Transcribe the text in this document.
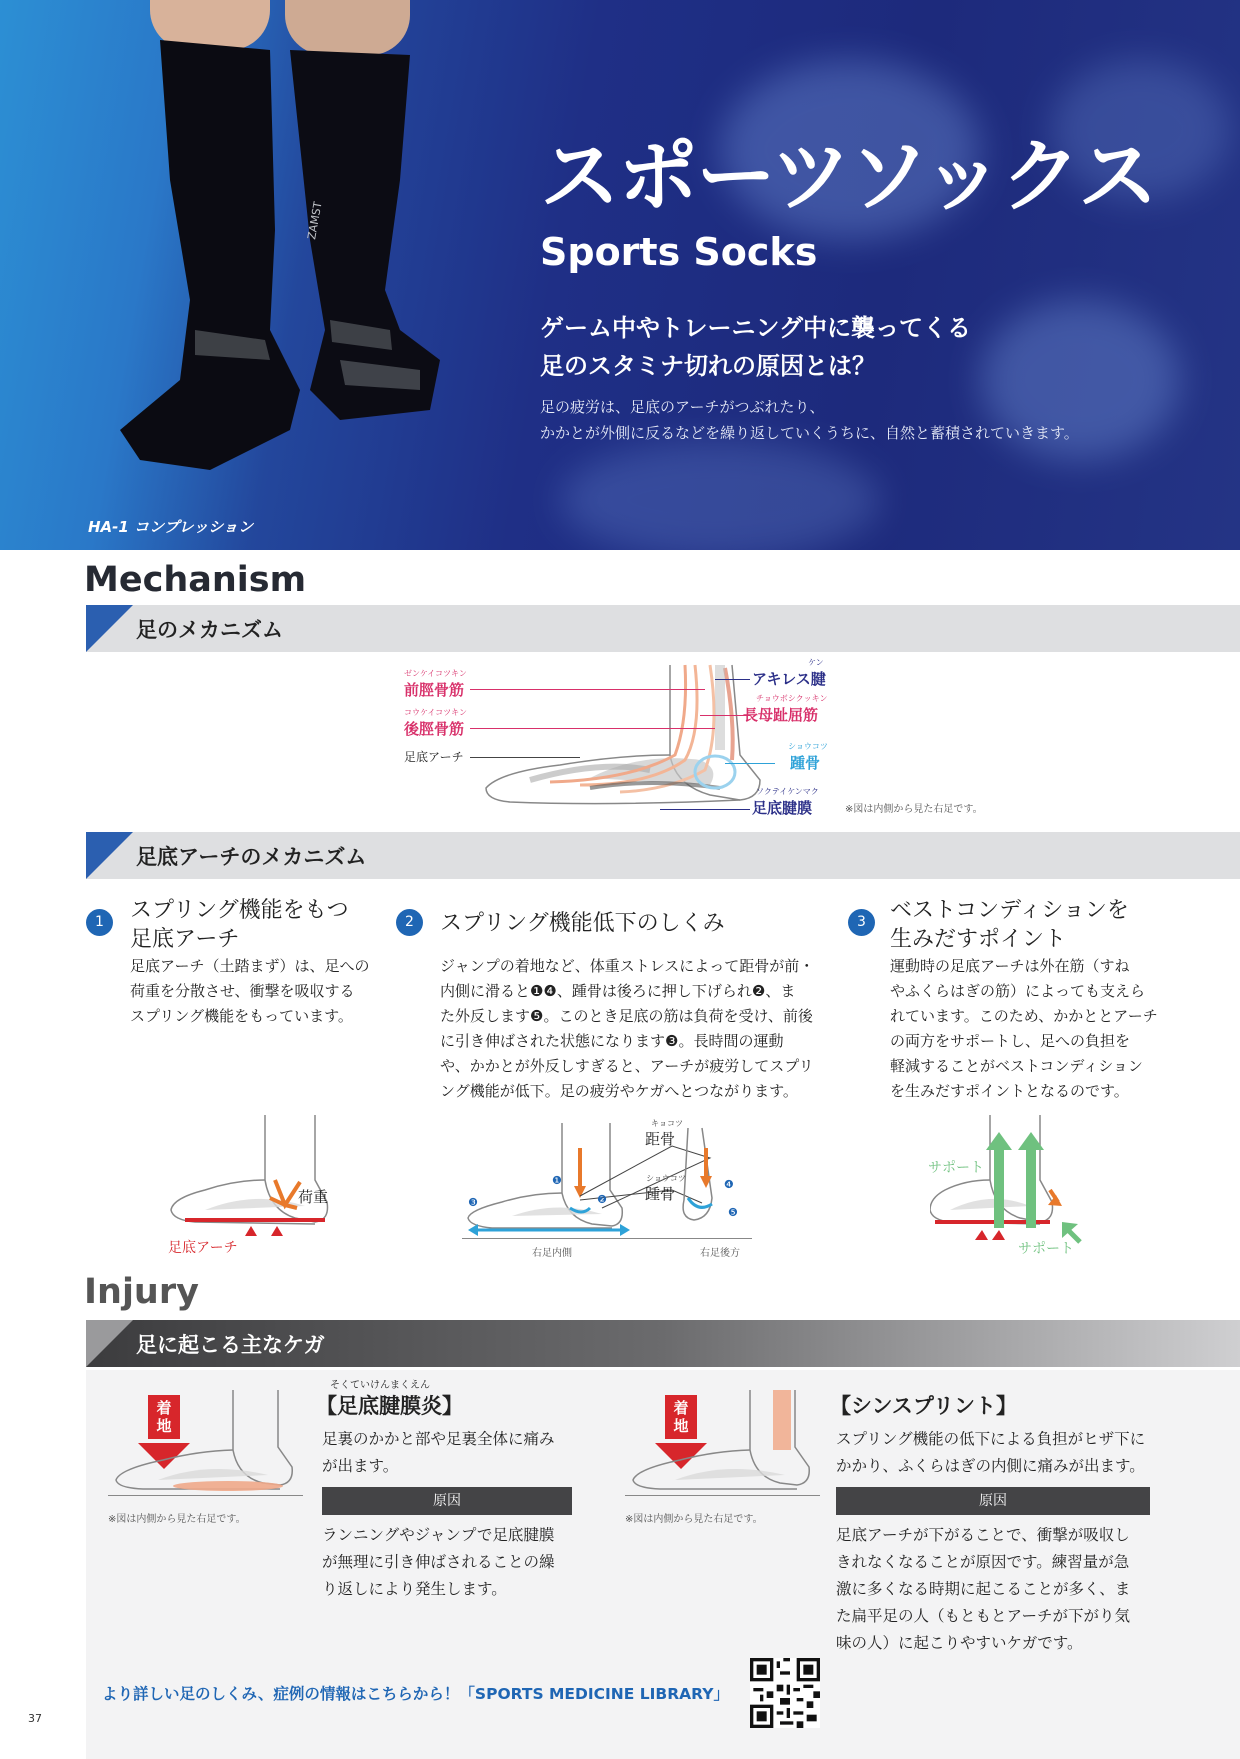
ZAMST	スポーツソックス
Sports Socks
ゲーム中やトレーニング中に襲ってくる
足のスタミナ切れの原因とは？
足の疲労は、足底のアーチがつぶれたり、
かかとが外側に反るなどを繰り返していくうちに、自然と蓄積されていきます。
HA-1 コンプレッション
Mechanism
足のメカニズム
ゼンケイコツキン
前脛骨筋
コウケイコツキン
後脛骨筋
足底アーチ
ケン
アキレス腱
チョウボシクッキン
長母趾屈筋
ショウコツ
踵骨
ソクテイケンマク
足底腱膜	※図は内側から見た右足です。
足底アーチのメカニズム
1	スプリング機能をもつ
足底アーチ
足底アーチ（土踏まず）は、足への
荷重を分散させ、衝撃を吸収する
スプリング機能をもっています。
2	スプリング機能低下のしくみ
ジャンプの着地など、体重ストレスによって距骨が前・
内側に滑ると❶❹、踵骨は後ろに押し下げられ❷、ま
た外反します❺。このとき足底の筋は負荷を受け、前後
に引き伸ばされた状態になります❸。長時間の運動
や、かかとが外反しすぎると、アーチが疲労してスプリ
ング機能が低下。足の疲労やケガへとつながります。
3	ベストコンディションを
生みだすポイント
運動時の足底アーチは外在筋（すね
やふくらはぎの筋）によっても支えら
れています。このため、かかととアーチ
の両方をサポートし、足への負担を
軽減することがベストコンディション
を生みだすポイントとなるのです。
荷重
足底アーチ
❸
❶
❷
❹
❺
キョコツ
距骨
ショウコツ
踵骨
右足内側	右足後方
サポート
サポート
Injury
足に起こる主なケガ
着
地
※図は内側から見た右足です。
そくていけんまくえん
【足底腱膜炎】
足裏のかかと部や足裏全体に痛み
が出ます。
原因
ランニングやジャンプで足底腱膜
が無理に引き伸ばされることの繰
り返しにより発生します。
着
地
※図は内側から見た右足です。
【シンスプリント】
スプリング機能の低下による負担がヒザ下に
かかり、ふくらはぎの内側に痛みが出ます。
原因
足底アーチが下がることで、衝撃が吸収し
きれなくなることが原因です。練習量が急
激に多くなる時期に起こることが多く、ま
た扁平足の人（もともとアーチが下がり気
味の人）に起こりやすいケガです。
より詳しい足のしくみ、症例の情報はこちらから！「SPORTS MEDICINE LIBRARY」
37
